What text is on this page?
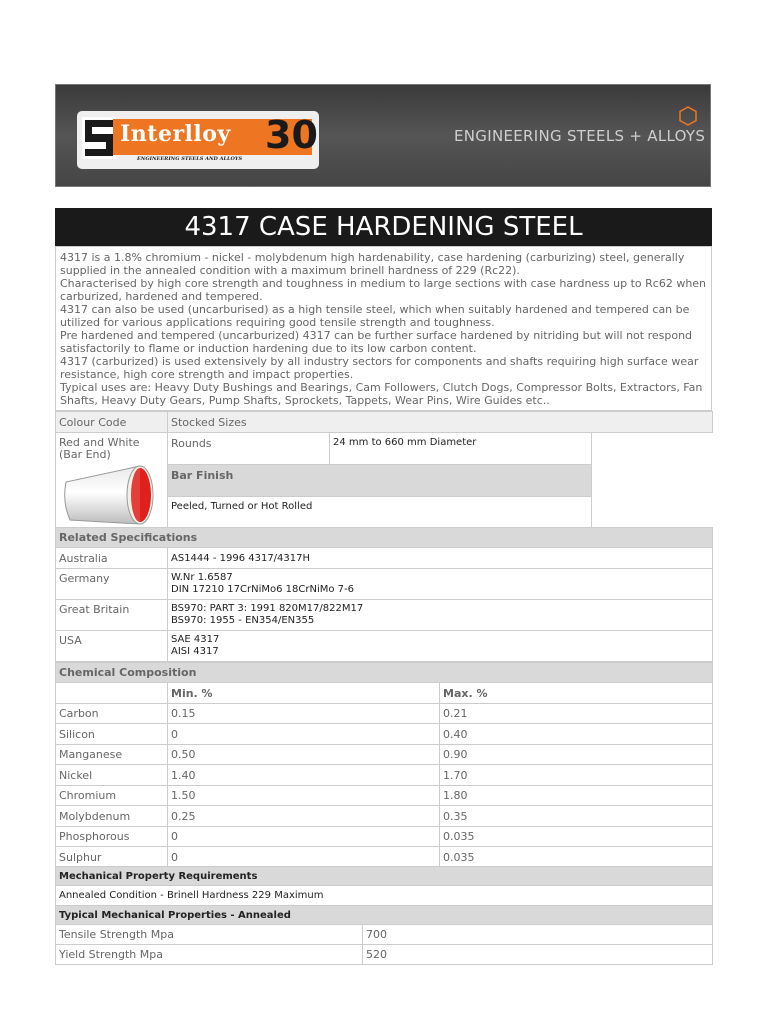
Interlloy 30
ENGINEERING STEELS AND ALLOYS
ENGINEERING STEELS + ALLOYS
4317 CASE HARDENING STEEL
4317 is a 1.8% chromium - nickel - molybdenum high hardenability, case hardening (carburizing) steel, generally supplied in the annealed condition with a maximum brinell hardness of 229 (Rc22).
Characterised by high core strength and toughness in medium to large sections with case hardness up to Rc62 when carburized, hardened and tempered.
4317 can also be used (uncarburised) as a high tensile steel, which when suitably hardened and tempered can be utilized for various applications requiring good tensile strength and toughness.
Pre hardened and tempered (uncarburized) 4317 can be further surface hardened by nitriding but will not respond satisfactorily to flame or induction hardening due to its low carbon content.
4317 (carburized) is used extensively by all industry sectors for components and shafts requiring high surface wear resistance, high core strength and impact properties.
Typical uses are: Heavy Duty Bushings and Bearings, Cam Followers, Clutch Dogs, Compressor Bolts, Extractors, Fan Shafts, Heavy Duty Gears, Pump Shafts, Sprockets, Tappets, Wear Pins, Wire Guides etc..
Colour Code	Stocked Sizes		
Red and White (Bar End)	Rounds	24 mm to 660 mm Diameter	
	Bar Finish		
	Peeled, Turned or Hot Rolled		
Related Specifications	
Australia	AS1444 - 1996 4317/4317H
Germany	W.Nr 1.6587
DIN 17210 17CrNiMo6 18CrNiMo 7-6

Great Britain	BS970: PART 3: 1991 820M17/822M17
BS970: 1955 - EN354/EN355

USA	SAE 4317
AISI 4317
Chemical Composition		
	Min. %	Max. %
Carbon	0.15	0.21
Silicon	0	0.40
Manganese	0.50	0.90
Nickel	1.40	1.70
Chromium	1.50	1.80
Molybdenum	0.25	0.35
Phosphorous	0	0.035
Sulphur	0	0.035
Mechanical Property Requirements
Annealed Condition - Brinell Hardness 229 Maximum
Typical Mechanical Properties - Annealed
Tensile Strength Mpa	700
Yield Strength Mpa	520
